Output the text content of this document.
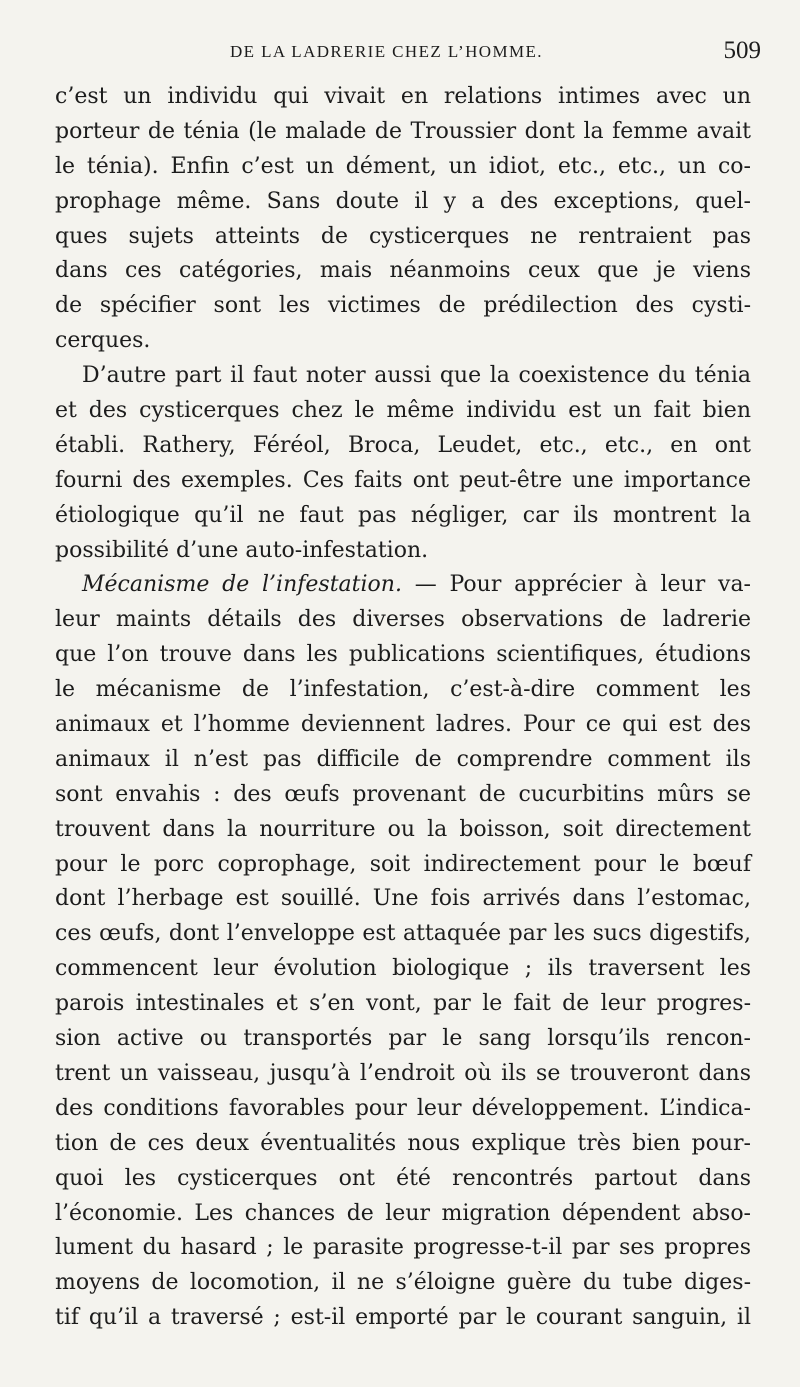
DE LA LADRERIE CHEZ L’HOMME.	509
c’est un individu qui vivait en relations intimes avec un
porteur de ténia (le malade de Troussier dont la femme avait
le ténia). Enfin c’est un dément, un idiot, etc., etc., un co-
prophage même. Sans doute il y a des exceptions, quel-
ques sujets atteints de cysticerques ne rentraient pas
dans ces catégories, mais néanmoins ceux que je viens
de spécifier sont les victimes de prédilection des cysti-
cerques.
D’autre part il faut noter aussi que la coexistence du ténia
et des cysticerques chez le même individu est un fait bien
établi. Rathery, Féréol, Broca, Leudet, etc., etc., en ont
fourni des exemples. Ces faits ont peut-être une importance
étiologique qu’il ne faut pas négliger, car ils montrent la
possibilité d’une auto-infestation.
Mécanisme de l’infestation. — Pour apprécier à leur va-
leur maints détails des diverses observations de ladrerie
que l’on trouve dans les publications scientifiques, étudions
le mécanisme de l’infestation, c’est-à-dire comment les
animaux et l’homme deviennent ladres. Pour ce qui est des
animaux il n’est pas difficile de comprendre comment ils
sont envahis : des œufs provenant de cucurbitins mûrs se
trouvent dans la nourriture ou la boisson, soit directement
pour le porc coprophage, soit indirectement pour le bœuf
dont l’herbage est souillé. Une fois arrivés dans l’estomac,
ces œufs, dont l’enveloppe est attaquée par les sucs digestifs,
commencent leur évolution biologique ; ils traversent les
parois intestinales et s’en vont, par le fait de leur progres-
sion active ou transportés par le sang lorsqu’ils rencon-
trent un vaisseau, jusqu’à l’endroit où ils se trouveront dans
des conditions favorables pour leur développement. L’indica-
tion de ces deux éventualités nous explique très bien pour-
quoi les cysticerques ont été rencontrés partout dans
l’économie. Les chances de leur migration dépendent abso-
lument du hasard ; le parasite progresse-t-il par ses propres
moyens de locomotion, il ne s’éloigne guère du tube diges-
tif qu’il a traversé ; est-il emporté par le courant sanguin, il
